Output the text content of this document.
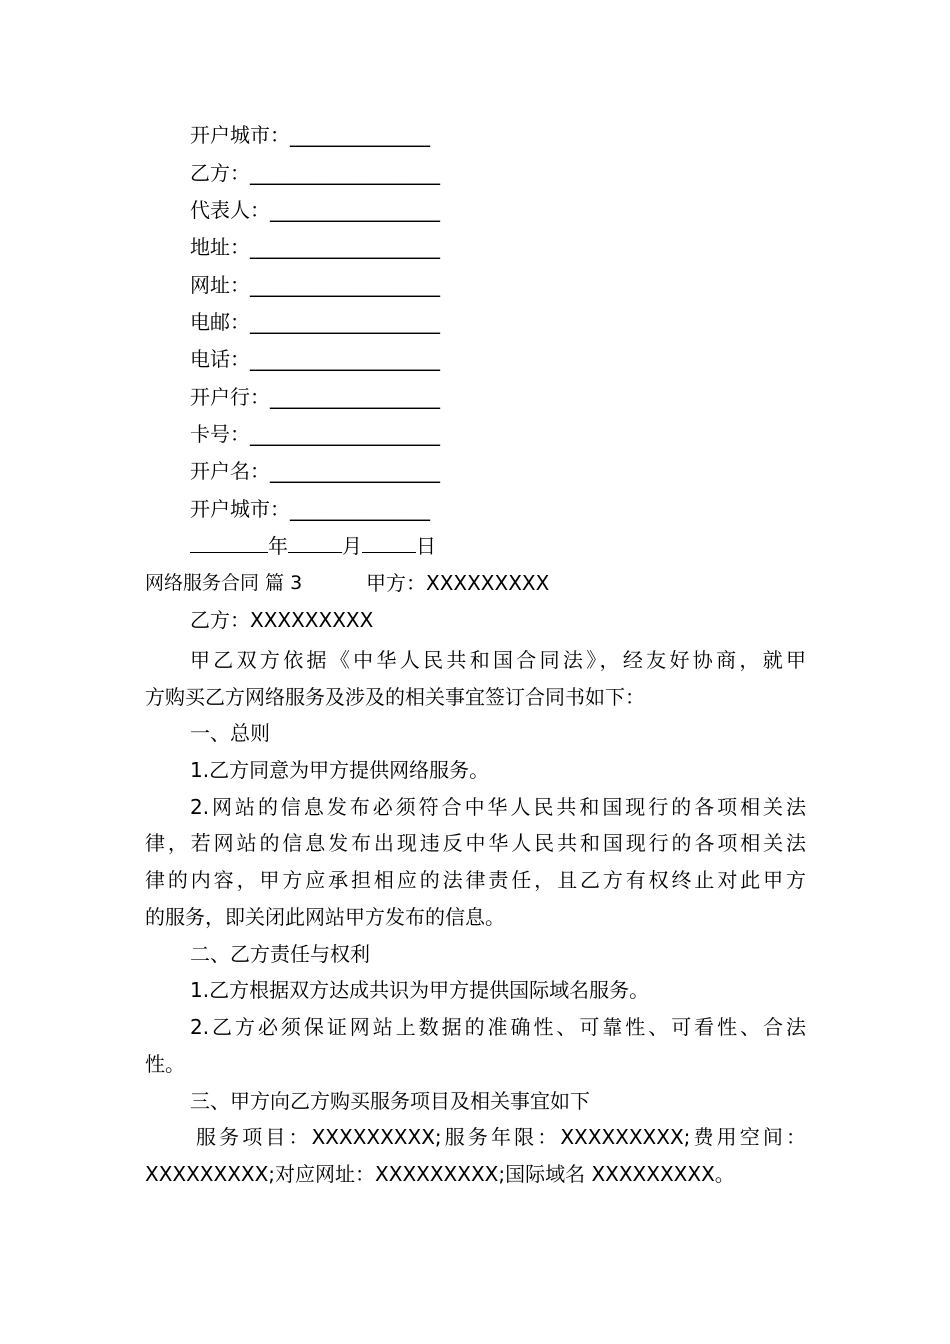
开户城市：______________
乙方：___________________
代表人：_________________
地址：___________________
网址：___________________
电邮：___________________
电话：___________________
开户行：_________________
卡号：___________________
开户名：_________________
开户城市：______________
年	月	日
网络服务合同 篇 3	甲方：XXXXXXXXX
乙方：XXXXXXXXX
甲乙双方依据《中华人民共和国合同法》，经友好协商，就甲
方购买乙方网络服务及涉及的相关事宜签订合同书如下：
一、总则
1.乙方同意为甲方提供网络服务。
2.网站的信息发布必须符合中华人民共和国现行的各项相关法
律，若网站的信息发布出现违反中华人民共和国现行的各项相关法
律的内容，甲方应承担相应的法律责任，且乙方有权终止对此甲方
的服务，即关闭此网站甲方发布的信息。
二、乙方责任与权利
1.乙方根据双方达成共识为甲方提供国际域名服务。
2.乙方必须保证网站上数据的准确性、可靠性、可看性、合法
性。
三、甲方向乙方购买服务项目及相关事宜如下
服务项目：XXXXXXXXX;服务年限：XXXXXXXXX;费用空间：
XXXXXXXXX;对应网址：XXXXXXXXX;国际域名 XXXXXXXXX。
